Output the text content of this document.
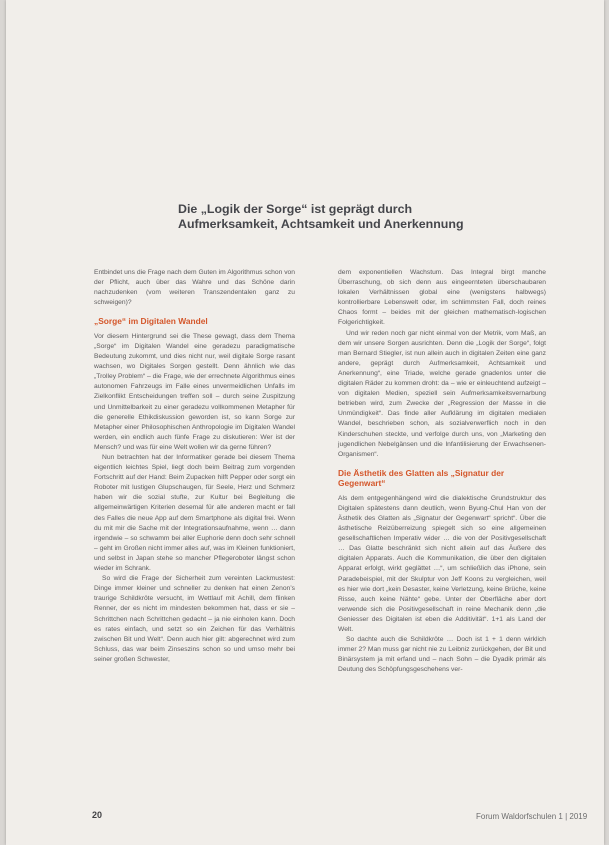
Die „Logik der Sorge“ ist geprägt durch Aufmerksamkeit, Achtsamkeit und Anerkennung

Entbindet uns die Frage nach dem Guten im Algorithmus schon von der Pflicht, auch über das Wahre und das Schöne darin nachzudenken (vom weiteren Transzendentalen ganz zu schweigen)?

„Sorge“ im Digitalen Wandel

Vor diesem Hintergrund sei die These gewagt, dass dem Thema „Sorge“ im Digitalen Wandel eine geradezu paradigmatische Bedeutung zukommt, und dies nicht nur, weil digitale Sorge rasant wachsen, wo Digitales Sorgen gestellt. Denn ähnlich wie das „Trolley Problem“ – die Frage, wie der errechnete Algorithmus eines autonomen Fahrzeugs im Falle eines unvermeidlichen Unfalls im Zielkonflikt Entscheidungen treffen soll – durch seine Zuspitzung und Unmittelbarkeit zu einer geradezu vollkommenen Metapher für die generelle Ethikdiskussion geworden ist, so kann Sorge zur Metapher einer Philosophischen Anthropologie im Digitalen Wandel werden, ein endlich auch fünfe Frage zu diskutieren: Wer ist der Mensch? und was für eine Welt wollen wir da gerne führen?

Nun betrachten hat der Informatiker gerade bei diesem Thema eigentlich leichtes Spiel, liegt doch beim Beitrag zum vorgenden Fortschritt auf der Hand: Beim Zupacken hilft Pepper oder sorgt ein Roboter mit lustigen Glupschaugen, für Seele, Herz und Schmerz haben wir die sozial stufte, zur Kultur bei Begleitung die allgemeinwärtigen Kriterien desemal für alle anderen macht er fall des Falles die neue App auf dem Smartphone als digital frei. Wenn du mit mir die Sache mit der Integrationsaufnahme, wenn … dann irgendwie – so schwamm bei aller Euphorie denn doch sehr schnell – geht im Großen nicht immer alles auf, was im Kleinen funktioniert, und selbst in Japan stehe so mancher Pflegeroboter längst schon wieder im Schrank.

So wird die Frage der Sicherheit zum vereinten Lackmustest: Dinge immer kleiner und schneller zu denken hat einen Zenon’s traurige Schildkröte versucht, im Wettlauf mit Achill, dem flinken Renner, der es nicht im mindesten bekommen hat, dass er sie – Schrittchen nach Schrittchen gedacht – ja nie einholen kann. Doch es rates einfach, und setzt so ein Zeichen für das Verhältnis zwischen Bit und Welt“. Denn auch hier gilt: abgerechnet wird zum Schluss, das war beim Zinseszins schon so und umso mehr bei seiner großen Schwester,

dem exponentiellen Wachstum. Das Integral birgt manche Überraschung, ob sich denn aus eingeernteten überschaubaren lokalen Verhältnissen global eine (wenigstens halbwegs) kontrollierbare Lebenswelt oder, im schlimmsten Fall, doch reines Chaos formt – beides mit der gleichen mathematisch-logischen Folgerichtigkeit.

Und wir reden noch gar nicht einmal von der Metrik, vom Maß, an dem wir unsere Sorgen ausrichten. Denn die „Logik der Sorge“, folgt man Bernard Stiegler, ist nun allein auch in digitalen Zeiten eine ganz andere, geprägt durch Aufmerksamkeit, Achtsamkeit und Anerkennung“, eine Triade, welche gerade gnadenlos unter die digitalen Räder zu kommen droht: da – wie er einleuchtend aufzeigt – von digitalen Medien, speziell sein Aufmerksamkeitsvernarbung betrieben wird, zum Zwecke der „Regression der Masse in die Unmündigkeit“. Das finde aller Aufklärung im digitalen medialen Wandel, beschrieben schon, als sozialverwerflich noch in den Kinderschuhen steckte, und verfolge durch uns, von „Marketing den jugendlichen Nebelgänsen und die Infantilisierung der Erwachsenen-Organismen“.

Die Ästhetik des Glatten als „Signatur der Gegenwart“

Als dem entgegenhängend wird die dialektische Grundstruktur des Digitalen spätestens dann deutlich, wenn Byung-Chul Han von der Ästhetik des Glatten als „Signatur der Gegenwart“ spricht“. Über die ästhetische Reizüberreizung spiegelt sich so eine allgemeinen gesellschaftlichen Imperativ wider … die von der Positivgesellschaft … Das Glatte beschränkt sich nicht allein auf das Äußere des digitalen Apparats. Auch die Kommunikation, die über den digitalen Apparat erfolgt, wirkt geglättet …“, um schließlich das iPhone, sein Paradebeispiel, mit der Skulptur von Jeff Koons zu vergleichen, weil es hier wie dort „kein Desaster, keine Verletzung, keine Brüche, keine Risse, auch keine Nähte“ gebe. Unter der Oberfläche aber dort verwende sich die Positivgesellschaft in reine Mechanik denn „die Geniesser des Digitalen ist eben die Additivität“. 1+1 als Land der Welt.

So dachte auch die Schildkröte … Doch ist 1 + 1 denn wirklich immer 2? Man muss gar nicht nie zu Leibniz zurückgehen, der Bit und Binärsystem ja mit erfand und – nach Sohn – die Dyadik primär als Deutung des Schöpfungsgeschehens ver-

20	Forum Waldorfschulen 1 | 2019
